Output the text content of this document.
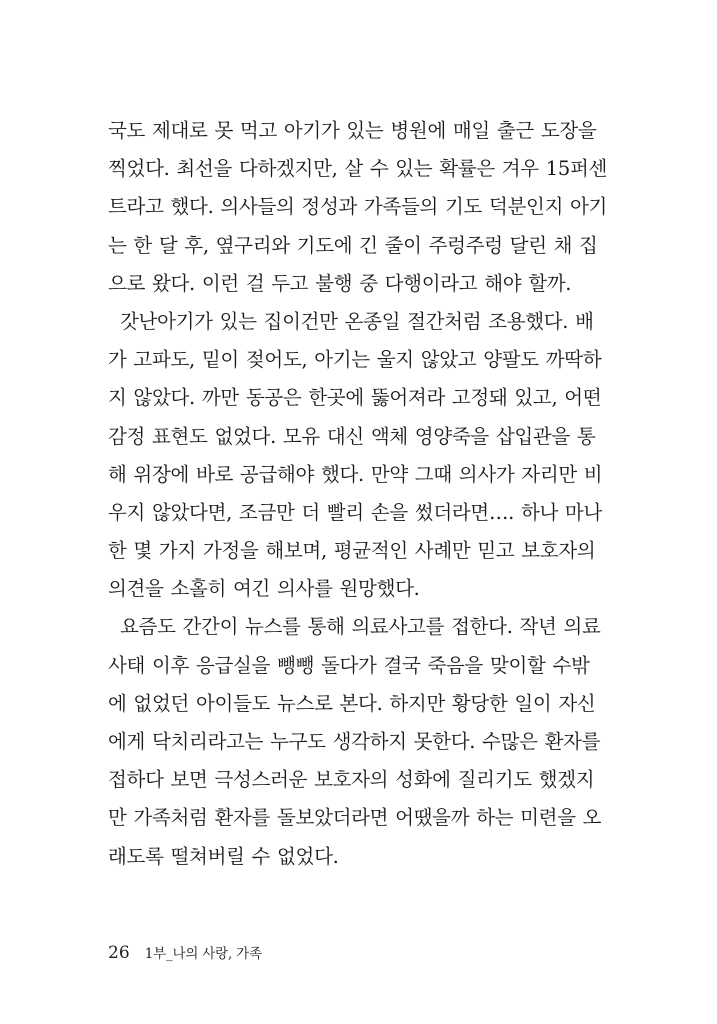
국도 제대로 못 먹고 아기가 있는 병원에 매일 출근 도장을
찍었다. 최선을 다하겠지만, 살 수 있는 확률은 겨우 15퍼센
트라고 했다. 의사들의 정성과 가족들의 기도 덕분인지 아기
는 한 달 후, 옆구리와 기도에 긴 줄이 주렁주렁 달린 채 집
으로 왔다. 이런 걸 두고 불행 중 다행이라고 해야 할까.
갓난아기가 있는 집이건만 온종일 절간처럼 조용했다. 배
가 고파도, 밑이 젖어도, 아기는 울지 않았고 양팔도 까딱하
지 않았다. 까만 동공은 한곳에 뚫어져라 고정돼 있고, 어떤
감정 표현도 없었다. 모유 대신 액체 영양죽을 삽입관을 통
해 위장에 바로 공급해야 했다. 만약 그때 의사가 자리만 비
우지 않았다면, 조금만 더 빨리 손을 썼더라면…. 하나 마나
한 몇 가지 가정을 해보며, 평균적인 사례만 믿고 보호자의
의견을 소홀히 여긴 의사를 원망했다.
요즘도 간간이 뉴스를 통해 의료사고를 접한다. 작년 의료
사태 이후 응급실을 뺑뺑 돌다가 결국 죽음을 맞이할 수밖
에 없었던 아이들도 뉴스로 본다. 하지만 황당한 일이 자신
에게 닥치리라고는 누구도 생각하지 못한다. 수많은 환자를
접하다 보면 극성스러운 보호자의 성화에 질리기도 했겠지
만 가족처럼 환자를 돌보았더라면 어땠을까 하는 미련을 오
래도록 떨쳐버릴 수 없었다.
26 1부_나의 사랑, 가족
